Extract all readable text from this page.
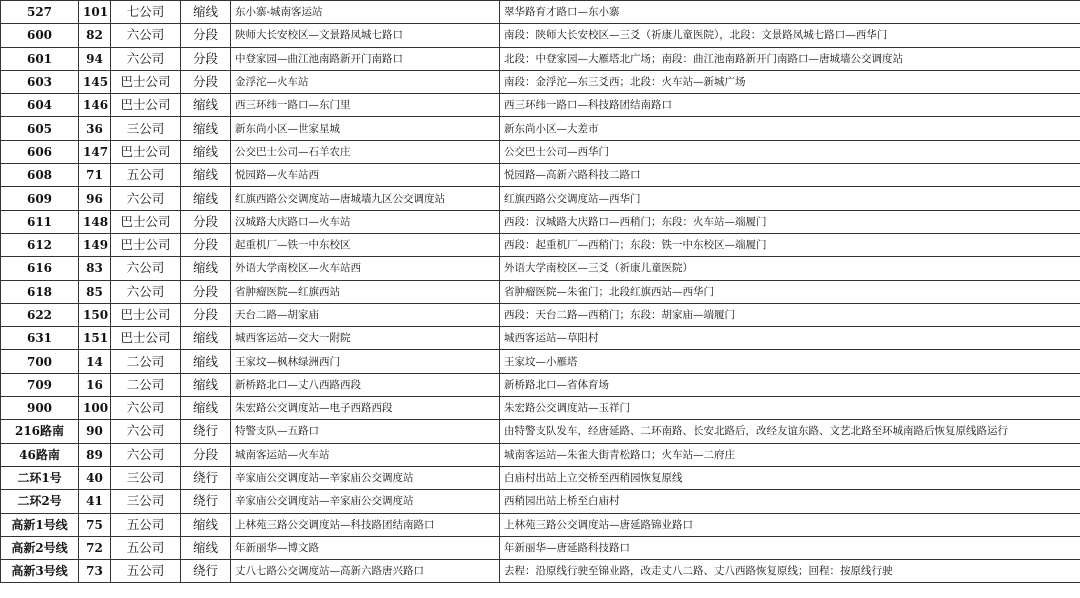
527	101	七公司	缩线	东小寨-城南客运站	翠华路育才路口—东小寨
600	82	六公司	分段	陕师大长安校区—文景路凤城七路口	南段：陕师大长安校区—三爻（祈康儿童医院），北段：文景路凤城七路口—西华门
601	94	六公司	分段	中登家园—曲江池南路新开门南路口	北段：中登家园—大雁塔北广场；南段：曲江池南路新开门南路口—唐城墙公交调度站
603	145	巴士公司	分段	金浮沱—火车站	南段：金浮沱—东三爻西；北段：火车站—新城广场
604	146	巴士公司	缩线	西三环纬一路口—东门里	西三环纬一路口—科技路团结南路口
605	36	三公司	缩线	新东尚小区—世家星城	新东尚小区—大差市
606	147	巴士公司	缩线	公交巴士公司—石羊农庄	公交巴士公司—西华门
608	71	五公司	缩线	悦园路—火车站西	悦园路—高新六路科技二路口
609	96	六公司	缩线	红旗西路公交调度站—唐城墙九区公交调度站	红旗西路公交调度站—西华门
611	148	巴士公司	分段	汉城路大庆路口—火车站	西段：汉城路大庆路口—西稍门；东段：火车站—端履门
612	149	巴士公司	分段	起重机厂—铁一中东校区	西段：起重机厂—西稍门；东段：铁一中东校区—端履门
616	83	六公司	缩线	外语大学南校区—火车站西	外语大学南校区—三爻（祈康儿童医院）
618	85	六公司	分段	省肿瘤医院—红旗西站	省肿瘤医院—朱雀门；北段红旗西站—西华门
622	150	巴士公司	分段	天台二路—胡家庙	西段：天台二路—西稍门；东段：胡家庙—端履门
631	151	巴士公司	缩线	城西客运站—交大一附院	城西客运站—草阳村
700	14	二公司	缩线	王家坟—枫林绿洲西门	王家坟—小雁塔
709	16	二公司	缩线	新桥路北口—丈八西路西段	新桥路北口—省体育场
900	100	六公司	缩线	朱宏路公交调度站—电子西路西段	朱宏路公交调度站—玉祥门
216路南	90	六公司	绕行	特警支队—五路口	由特警支队发车，经唐延路、二环南路、长安北路后，改经友谊东路、文艺北路至环城南路后恢复原线路运行
46路南	89	六公司	分段	城南客运站—火车站	城南客运站—朱雀大街青松路口；火车站—二府庄
二环1号	40	三公司	绕行	辛家庙公交调度站—辛家庙公交调度站	白庙村出站上立交桥至西稍园恢复原线
二环2号	41	三公司	绕行	辛家庙公交调度站—辛家庙公交调度站	西稍园出站上桥至白庙村
高新1号线	75	五公司	缩线	上林苑三路公交调度站—科技路团结南路口	上林苑三路公交调度站—唐延路锦业路口
高新2号线	72	五公司	缩线	年新丽华—博文路	年新丽华—唐延路科技路口
高新3号线	73	五公司	绕行	丈八七路公交调度站—高新六路唐兴路口	去程：沿原线行驶至锦业路，改走丈八二路、丈八西路恢复原线；回程：按原线行驶
